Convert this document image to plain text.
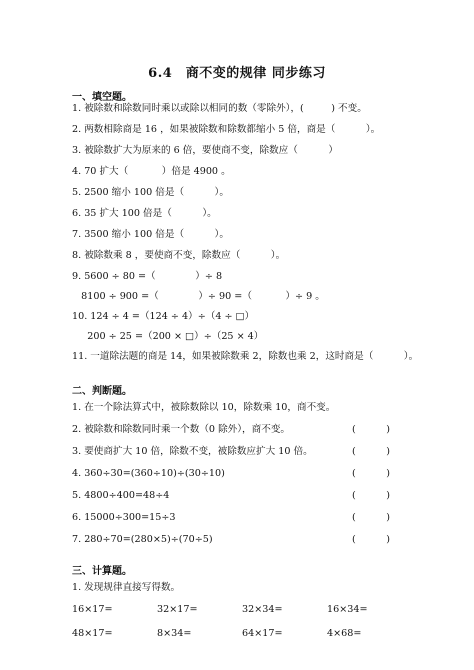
6.4　商不变的规律 同步练习
一、填空题。
1. 被除数和除数同时乘以或除以相同的数（零除外），(         ) 不变。
2. 两数相除商是 16 ，如果被除数和除数都缩小 5 倍，商是（          ）。
3. 被除数扩大为原来的 6 倍，要使商不变，除数应（          ）
4. 70 扩大（           ）倍是 4900 。
5. 2500 缩小 100 倍是（          ）。
6. 35 扩大 100 倍是（          ）。
7. 3500 缩小 100 倍是（          ）。
8. 被除数乘 8 ，要使商不变，除数应（          ）。
9. 5600 ÷ 80 =（             ）÷ 8
8100 ÷ 900 =（             ）÷ 90 =（           ）÷ 9 。
10. 124 ÷ 4 =（124 ÷ 4）÷（4 ÷ □）
200 ÷ 25 =（200 × □）÷（25 × 4）
11. 一道除法题的商是 14，如果被除数乘 2，除数也乘 2，这时商是（          ）。
二、判断题。
1. 在一个除法算式中，被除数除以 10，除数乘 10，商不变。
2. 被除数和除数同时乘一个数（0 除外），商不变。	(          )
3. 要使商扩大 10 倍，除数不变，被除数应扩大 10 倍。	(          )
4. 360÷30=(360÷10)÷(30÷10)	(          )
5. 4800÷400=48÷4	(          )
6. 15000÷300=15÷3	(          )
7. 280÷70=(280×5)÷(70÷5)	(          )
三、计算题。
1. 发现规律直接写得数。
16×17=	32×17=	32×34=	16×34=
48×17=	8×34=	64×17=	4×68=
